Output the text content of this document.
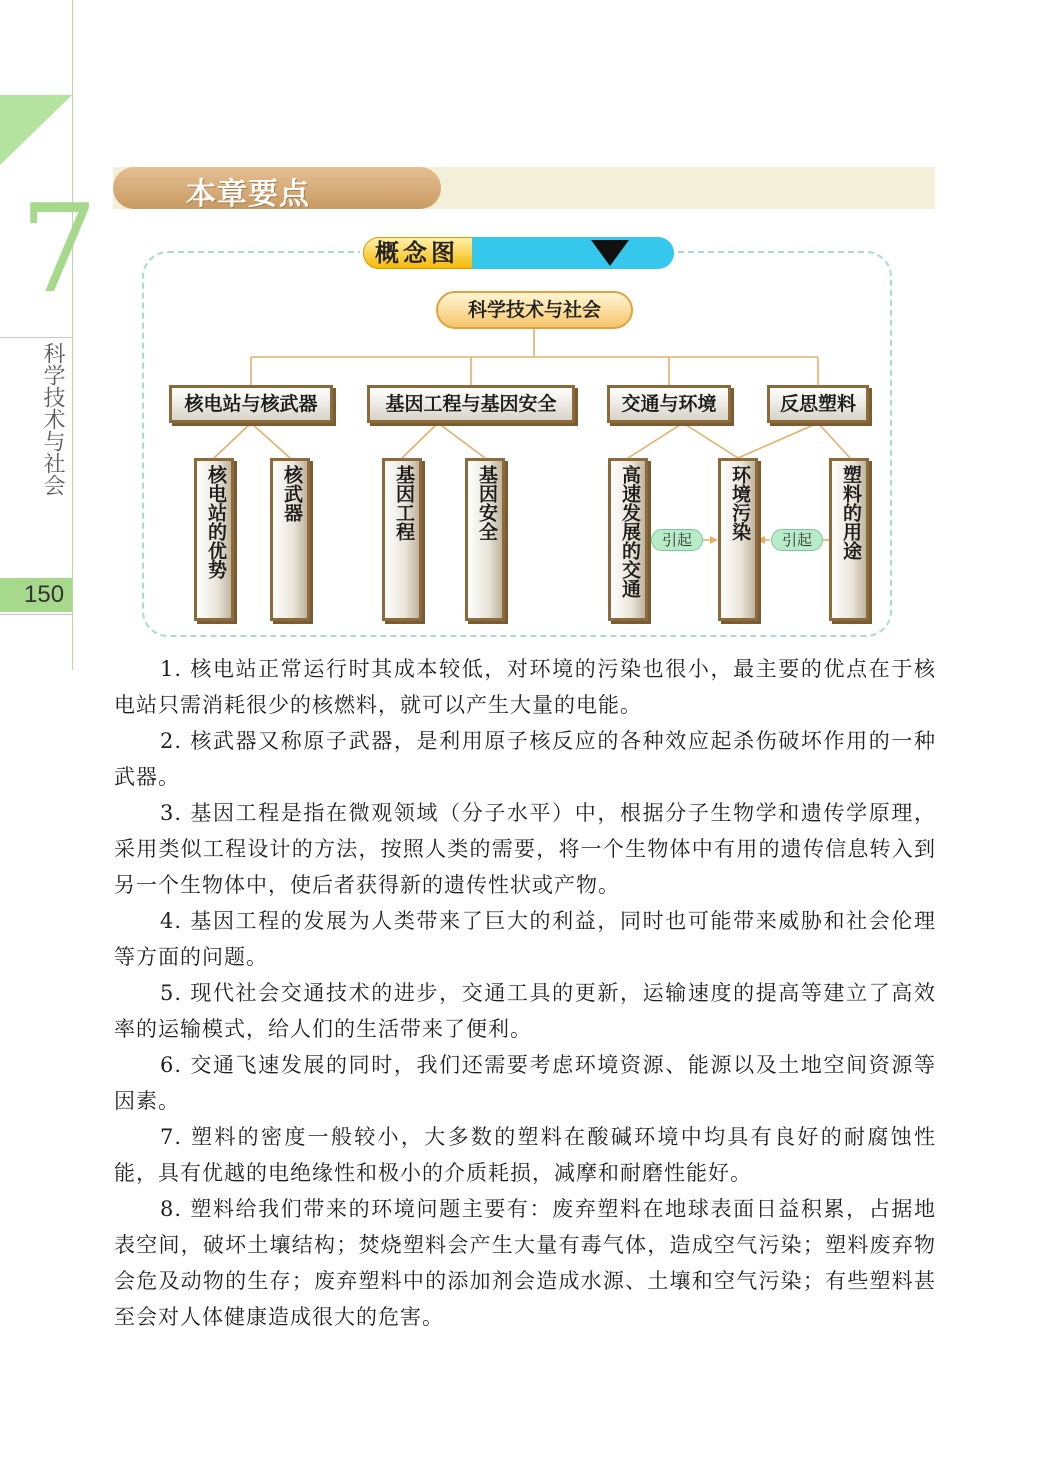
7
科学技术与社会
150
本章要点
概念图
科学技术与社会
核电站与核武器	基因工程与基因安全	交通与环境	反思塑料
核电站的优势	核武器	基因工程	基因安全	高速发展的交通	环境污染	塑料的用途
引起	引起

1. 核电站正常运行时其成本较低，对环境的污染也很小，最主要的优点在于核电站只需消耗很少的核燃料，就可以产生大量的电能。

2. 核武器又称原子武器，是利用原子核反应的各种效应起杀伤破坏作用的一种武器。

3. 基因工程是指在微观领域（分子水平）中，根据分子生物学和遗传学原理，采用类似工程设计的方法，按照人类的需要，将一个生物体中有用的遗传信息转入到另一个生物体中，使后者获得新的遗传性状或产物。

4. 基因工程的发展为人类带来了巨大的利益，同时也可能带来威胁和社会伦理等方面的问题。

5. 现代社会交通技术的进步，交通工具的更新，运输速度的提高等建立了高效率的运输模式，给人们的生活带来了便利。

6. 交通飞速发展的同时，我们还需要考虑环境资源、能源以及土地空间资源等因素。

7. 塑料的密度一般较小，大多数的塑料在酸碱环境中均具有良好的耐腐蚀性能，具有优越的电绝缘性和极小的介质耗损，减摩和耐磨性能好。

8. 塑料给我们带来的环境问题主要有：废弃塑料在地球表面日益积累，占据地表空间，破坏土壤结构；焚烧塑料会产生大量有毒气体，造成空气污染；塑料废弃物会危及动物的生存；废弃塑料中的添加剂会造成水源、土壤和空气污染；有些塑料甚至会对人体健康造成很大的危害。
